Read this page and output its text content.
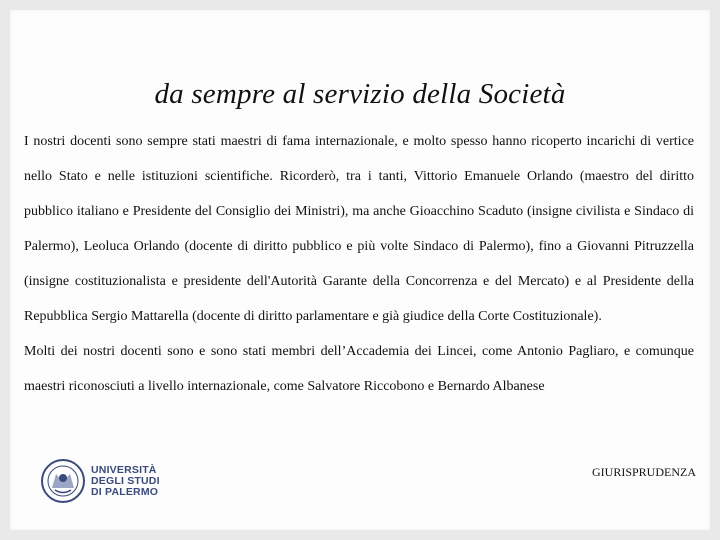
da sempre al servizio della Società

I nostri docenti sono sempre stati maestri di fama internazionale, e molto spesso hanno ricoperto incarichi di vertice nello Stato e nelle istituzioni scientifiche. Ricorderò, tra i tanti, Vittorio Emanuele Orlando (maestro del diritto pubblico italiano e Presidente del Consiglio dei Ministri), ma anche Gioacchino Scaduto (insigne civilista e Sindaco di Palermo), Leoluca Orlando (docente di diritto pubblico e più volte Sindaco di Palermo), fino a Giovanni Pitruzzella (insigne costituzionalista e presidente dell'Autorità Garante della Concorrenza e del Mercato) e al Presidente della Repubblica Sergio Mattarella (docente di diritto parlamentare e già giudice della Corte Costituzionale).

Molti dei nostri docenti sono e sono stati membri dell’Accademia dei Lincei, come Antonio Pagliaro, e comunque maestri riconosciuti a livello internazionale, come Salvatore Riccobono e Bernardo Albanese

UNIVERSITÀ
DEGLI STUDI
DI PALERMO
GIURISPRUDENZA
